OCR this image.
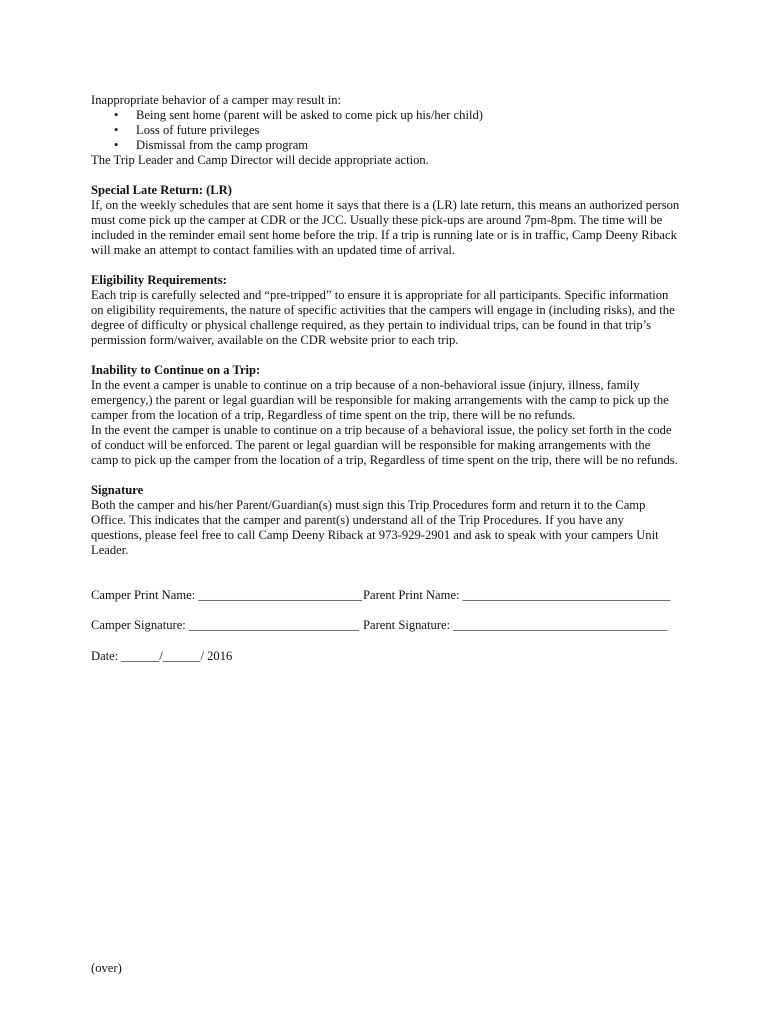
Inappropriate behavior of a camper may result in:

• Being sent home (parent will be asked to come pick up his/her child)
• Loss of future privileges
• Dismissal from the camp program

The Trip Leader and Camp Director will decide appropriate action.

Special Late Return: (LR)

If, on the weekly schedules that are sent home it says that there is a (LR) late return, this means an authorized person

must come pick up the camper at CDR or the JCC. Usually these pick-ups are around 7pm-8pm. The time will be

included in the reminder email sent home before the trip. If a trip is running late or is in traffic, Camp Deeny Riback

will make an attempt to contact families with an updated time of arrival.

Eligibility Requirements:

Each trip is carefully selected and “pre-tripped” to ensure it is appropriate for all participants. Specific information

on eligibility requirements, the nature of specific activities that the campers will engage in (including risks), and the

degree of difficulty or physical challenge required, as they pertain to individual trips, can be found in that trip’s

permission form/waiver, available on the CDR website prior to each trip.

Inability to Continue on a Trip:

In the event a camper is unable to continue on a trip because of a non-behavioral issue (injury, illness, family

emergency,) the parent or legal guardian will be responsible for making arrangements with the camp to pick up the

camper from the location of a trip, Regardless of time spent on the trip, there will be no refunds.

In the event the camper is unable to continue on a trip because of a behavioral issue, the policy set forth in the code

of conduct will be enforced. The parent or legal guardian will be responsible for making arrangements with the

camp to pick up the camper from the location of a trip, Regardless of time spent on the trip, there will be no refunds.

Signature

Both the camper and his/her Parent/Guardian(s) must sign this Trip Procedures form and return it to the Camp

Office. This indicates that the camper and parent(s) understand all of the Trip Procedures. If you have any

questions, please feel free to call Camp Deeny Riback at 973-929-2901 and ask to speak with your campers Unit

Leader.

Camper Print Name: __________________________ Parent Print Name: _________________________________
Camper Signature: ___________________________ Parent Signature: __________________________________
Date: ______/______/ 2016

(over)
